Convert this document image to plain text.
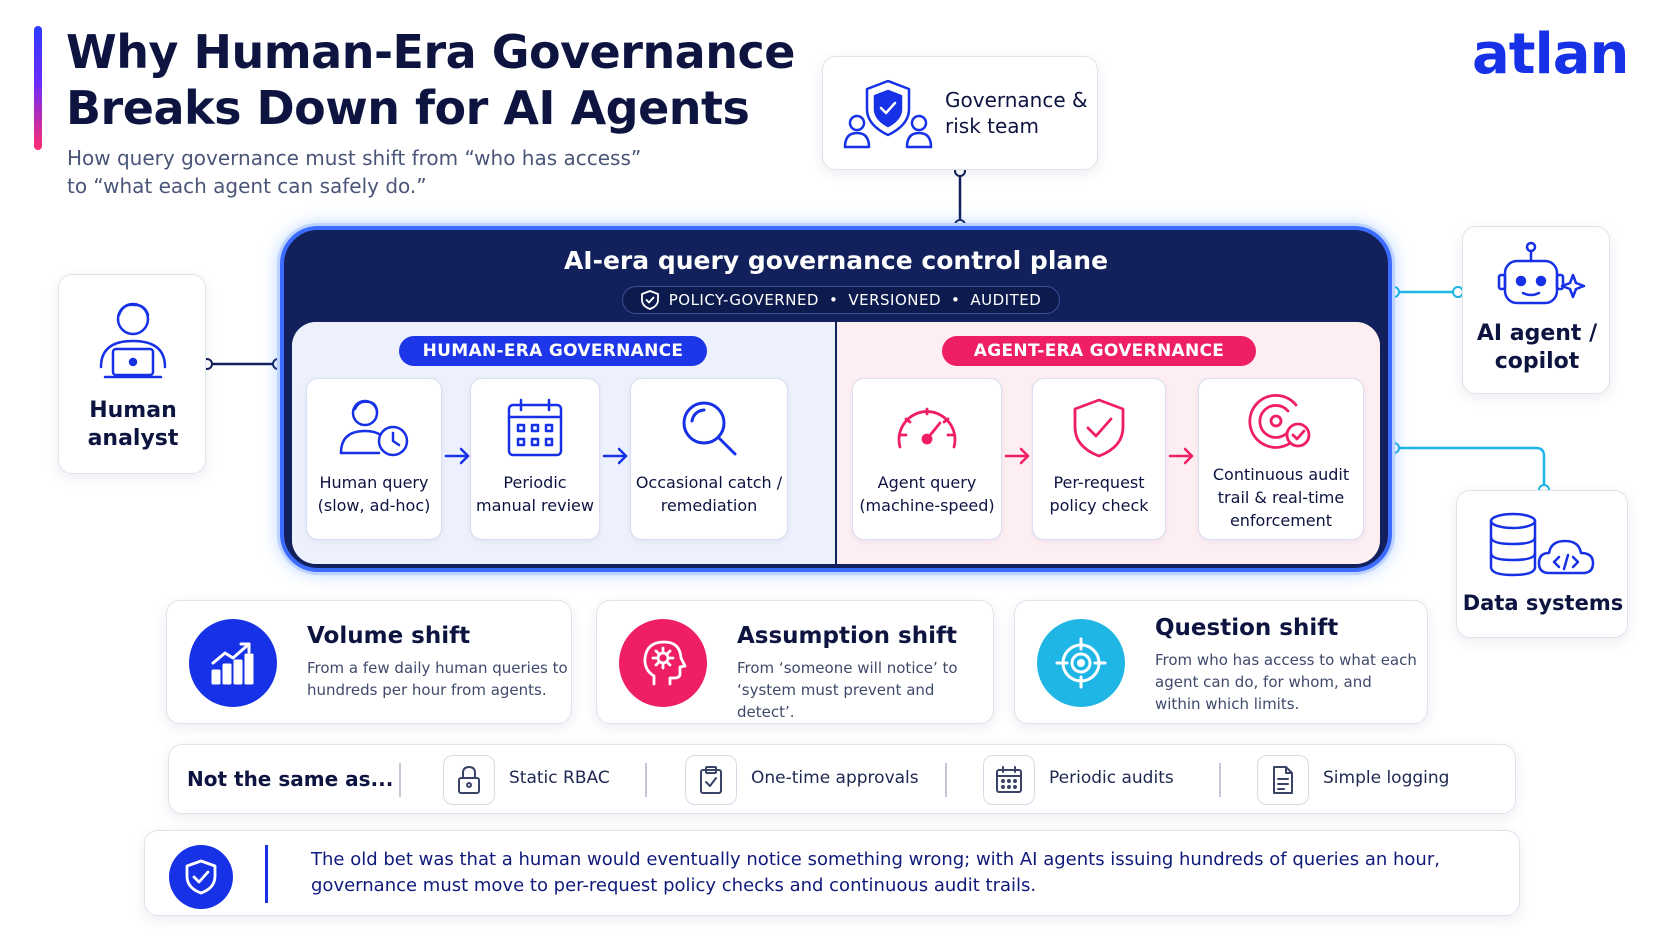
Why Human-Era Governance
Breaks Down for AI Agents
How query governance must shift from “who has access”
to “what each agent can safely do.”
atlan
Governance &
risk team
Human
analyst
AI agent /
copilot
Data systems
AI-era query governance control plane
POLICY-GOVERNED • VERSIONED • AUDITED
HUMAN-ERA GOVERNANCE	AGENT-ERA GOVERNANCE
Human query
(slow, ad-hoc)
Periodic
manual review
Occasional catch /
remediation
Agent query
(machine-speed)
Per-request
policy check
Continuous audit
trail & real-time
enforcement
Volume shift
From a few daily human queries to
hundreds per hour from agents.
Assumption shift
From ‘someone will notice’ to
‘system must prevent and detect’.
Question shift
From who has access to what each
agent can do, for whom, and
within which limits.
Not the same as...	Static RBAC	One-time approvals	Periodic audits	Simple logging
The old bet was that a human would eventually notice something wrong; with AI agents issuing hundreds of queries an hour,
governance must move to per-request policy checks and continuous audit trails.
